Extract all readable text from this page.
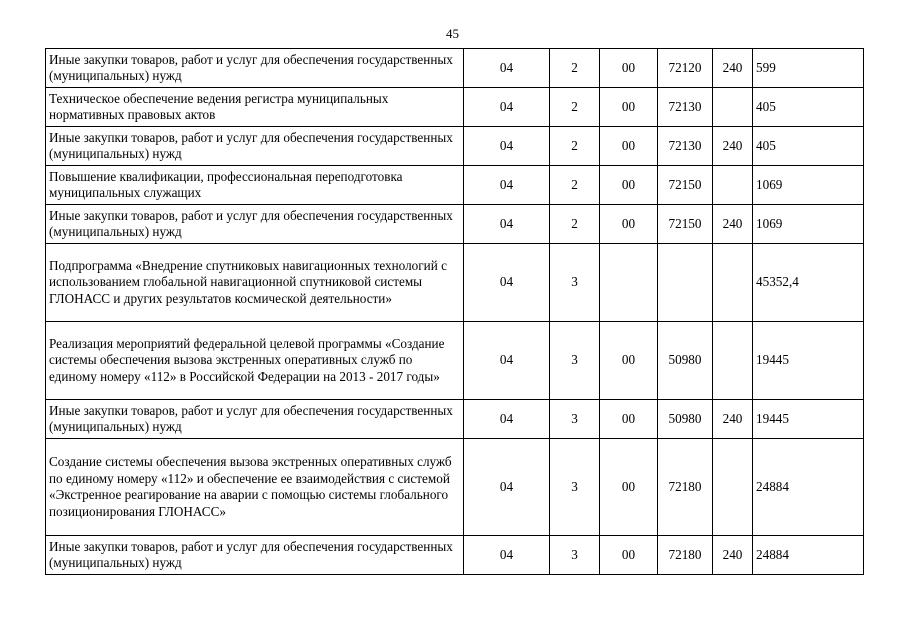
45
Иные закупки товаров, работ и услуг для обеспечения государственных (муниципальных) нужд	04	2	00	72120	240	599
Техническое обеспечение ведения регистра муниципальных нормативных правовых актов	04	2	00	72130		405
Иные закупки товаров, работ и услуг для обеспечения государственных (муниципальных) нужд	04	2	00	72130	240	405
Повышение квалификации, профессиональная переподготовка муниципальных служащих	04	2	00	72150		1069
Иные закупки товаров, работ и услуг для обеспечения государственных (муниципальных) нужд	04	2	00	72150	240	1069
Подпрограмма «Внедрение спутниковых навигационных технологий с использованием глобальной навигационной спутниковой системы ГЛОНАСС и других результатов космической деятельности»	04	3				45352,4
Реализация мероприятий федеральной целевой программы «Создание системы обеспечения вызова экстренных оперативных служб по единому номеру «112» в Российской Федерации на 2013 - 2017 годы»	04	3	00	50980		19445
Иные закупки товаров, работ и услуг для обеспечения государственных (муниципальных) нужд	04	3	00	50980	240	19445
Создание системы обеспечения вызова экстренных оперативных служб по единому номеру «112» и обеспечение ее взаимодействия с системой «Экстренное реагирование на аварии с помощью системы глобального позиционирования ГЛОНАСС»	04	3	00	72180		24884
Иные закупки товаров, работ и услуг для обеспечения государственных (муниципальных) нужд	04	3	00	72180	240	24884
